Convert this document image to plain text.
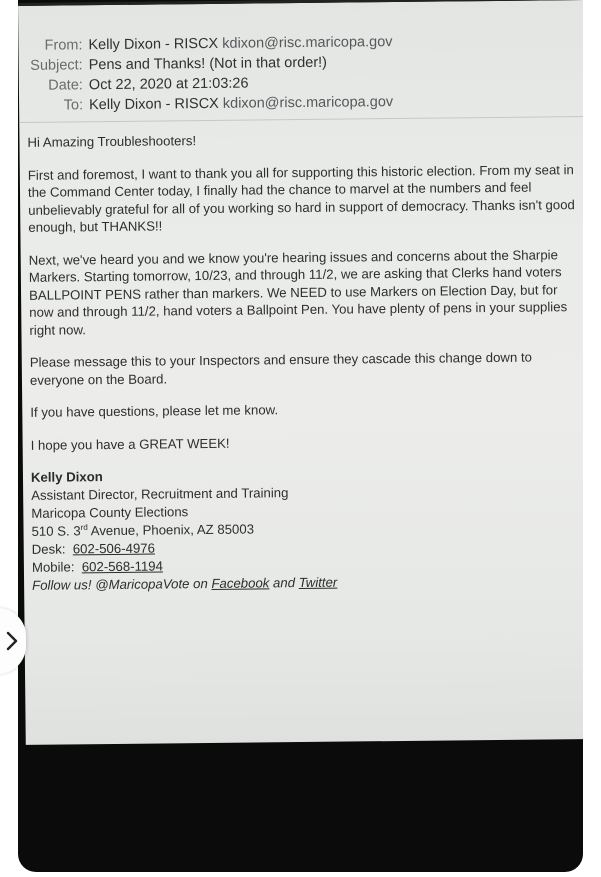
From: Kelly Dixon - RISCX kdixon@risc.maricopa.gov
Subject: Pens and Thanks! (Not in that order!)
Date: Oct 22, 2020 at 21:03:26
To: Kelly Dixon - RISCX kdixon@risc.maricopa.gov

Hi Amazing Troubleshooters!

First and foremost, I want to thank you all for supporting this historic election. From my seat in the Command Center today, I finally had the chance to marvel at the numbers and feel unbelievably grateful for all of you working so hard in support of democracy. Thanks isn't good enough, but THANKS!!

Next, we've heard you and we know you're hearing issues and concerns about the Sharpie Markers. Starting tomorrow, 10/23, and through 11/2, we are asking that Clerks hand voters BALLPOINT PENS rather than markers. We NEED to use Markers on Election Day, but for now and through 11/2, hand voters a Ballpoint Pen. You have plenty of pens in your supplies right now.

Please message this to your Inspectors and ensure they cascade this change down to everyone on the Board.

If you have questions, please let me know.

I hope you have a GREAT WEEK!

Kelly Dixon
Assistant Director, Recruitment and Training
Maricopa County Elections
510 S. 3rd Avenue, Phoenix, AZ 85003
Desk: 602-506-4976
Mobile: 602-568-1194
Follow us! @MaricopaVote on Facebook and Twitter
